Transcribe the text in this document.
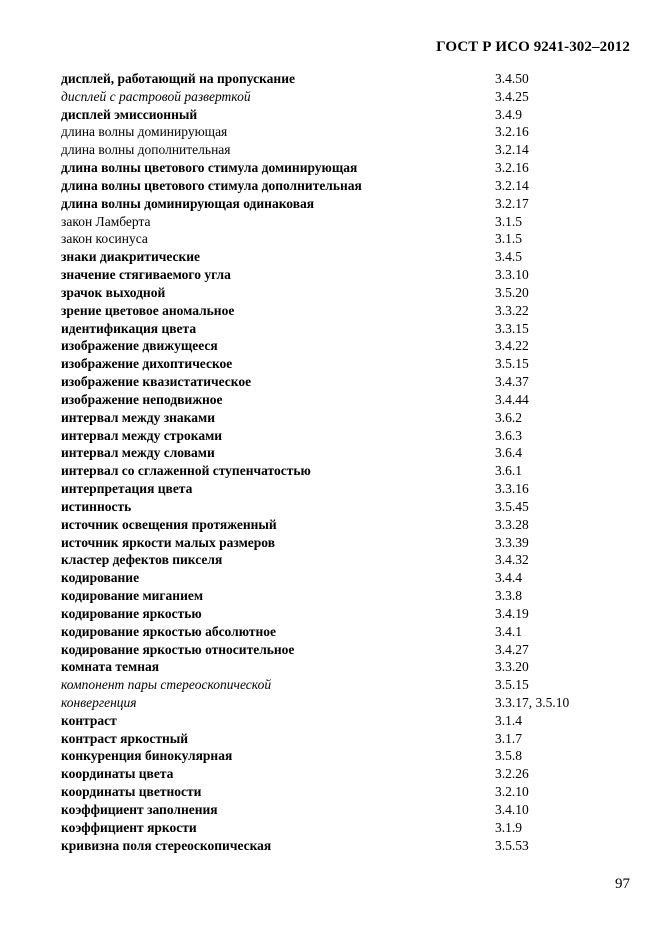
ГОСТ Р ИСО 9241-302–2012
дисплей, работающий на пропускание	3.4.50
дисплей с растровой разверткой	3.4.25
дисплей эмиссионный	3.4.9
длина волны доминирующая	3.2.16
длина волны дополнительная	3.2.14
длина волны цветового стимула доминирующая	3.2.16
длина волны цветового стимула дополнительная	3.2.14
длина волны доминирующая одинаковая	3.2.17
закон Ламберта	3.1.5
закон косинуса	3.1.5
знаки диакритические	3.4.5
значение стягиваемого угла	3.3.10
зрачок выходной	3.5.20
зрение цветовое аномальное	3.3.22
идентификация цвета	3.3.15
изображение движущееся	3.4.22
изображение дихоптическое	3.5.15
изображение квазистатическое	3.4.37
изображение неподвижное	3.4.44
интервал между знаками	3.6.2
интервал между строками	3.6.3
интервал между словами	3.6.4
интервал со сглаженной ступенчатостью	3.6.1
интерпретация цвета	3.3.16
истинность	3.5.45
источник освещения протяженный	3.3.28
источник яркости малых размеров	3.3.39
кластер дефектов пикселя	3.4.32
кодирование	3.4.4
кодирование миганием	3.3.8
кодирование яркостью	3.4.19
кодирование яркостью абсолютное	3.4.1
кодирование яркостью относительное	3.4.27
комната темная	3.3.20
компонент пары стереоскопической	3.5.15
конвергенция	3.3.17, 3.5.10
контраст	3.1.4
контраст яркостный	3.1.7
конкуренция бинокулярная	3.5.8
координаты цвета	3.2.26
координаты цветности	3.2.10
коэффициент заполнения	3.4.10
коэффициент яркости	3.1.9
кривизна поля стереоскопическая	3.5.53
97
